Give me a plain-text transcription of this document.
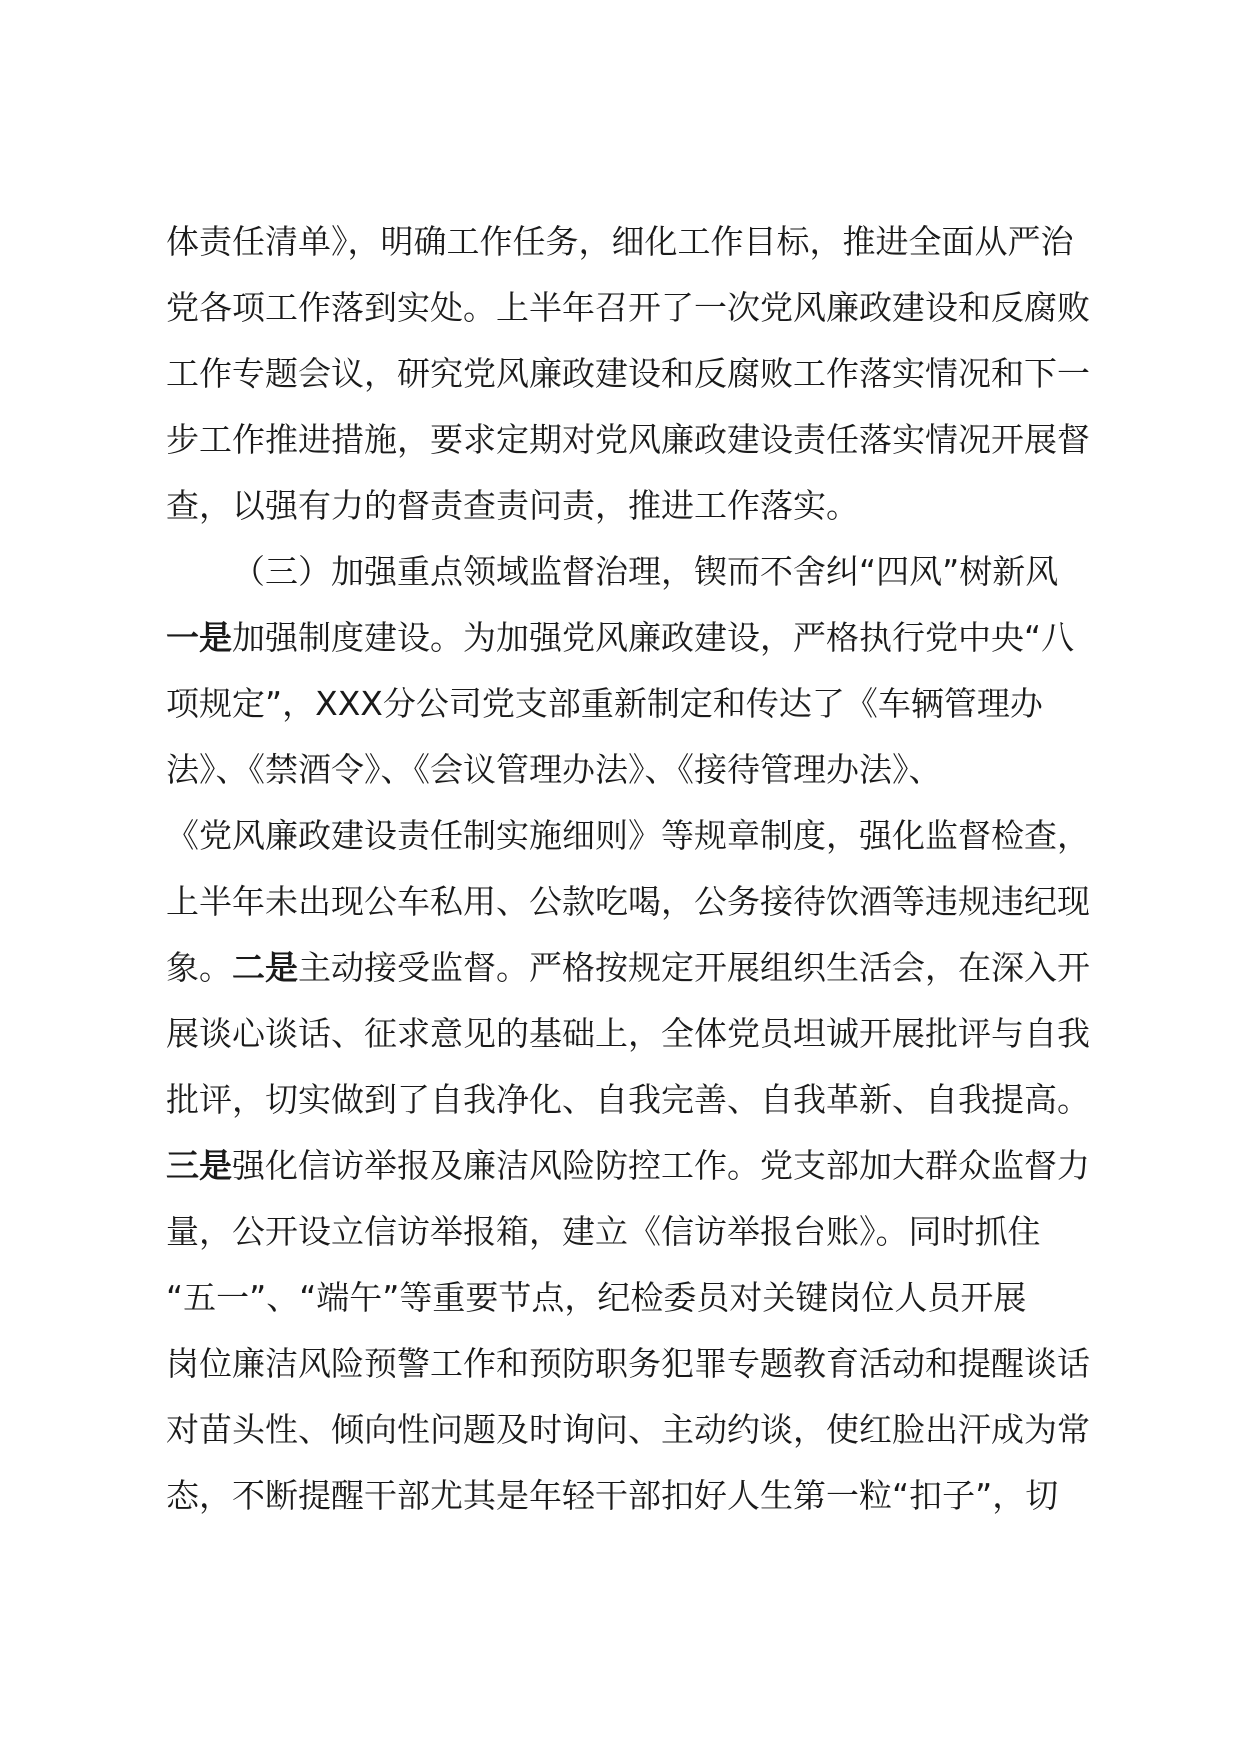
体责任清单》，明确工作任务，细化工作目标，推进全面从严治
党各项工作落到实处。上半年召开了一次党风廉政建设和反腐败
工作专题会议，研究党风廉政建设和反腐败工作落实情况和下一
步工作推进措施，要求定期对党风廉政建设责任落实情况开展督
查，以强有力的督责查责问责，推进工作落实。
（三）加强重点领域监督治理，锲而不舍纠“四风”树新风
一是加强制度建设。为加强党风廉政建设，严格执行党中央“八
项规定”，XXX分公司党支部重新制定和传达了《车辆管理办
法》、《禁酒令》、《会议管理办法》、《接待管理办法》、
《党风廉政建设责任制实施细则》等规章制度，强化监督检查，
上半年未出现公车私用、公款吃喝，公务接待饮酒等违规违纪现
象。二是主动接受监督。严格按规定开展组织生活会，在深入开
展谈心谈话、征求意见的基础上，全体党员坦诚开展批评与自我
批评，切实做到了自我净化、自我完善、自我革新、自我提高。
三是强化信访举报及廉洁风险防控工作。党支部加大群众监督力
量，公开设立信访举报箱，建立《信访举报台账》。同时抓住
“五一”、“端午”等重要节点，纪检委员对关键岗位人员开展
岗位廉洁风险预警工作和预防职务犯罪专题教育活动和提醒谈话
对苗头性、倾向性问题及时询问、主动约谈，使红脸出汗成为常
态，不断提醒干部尤其是年轻干部扣好人生第一粒“扣子”，切
